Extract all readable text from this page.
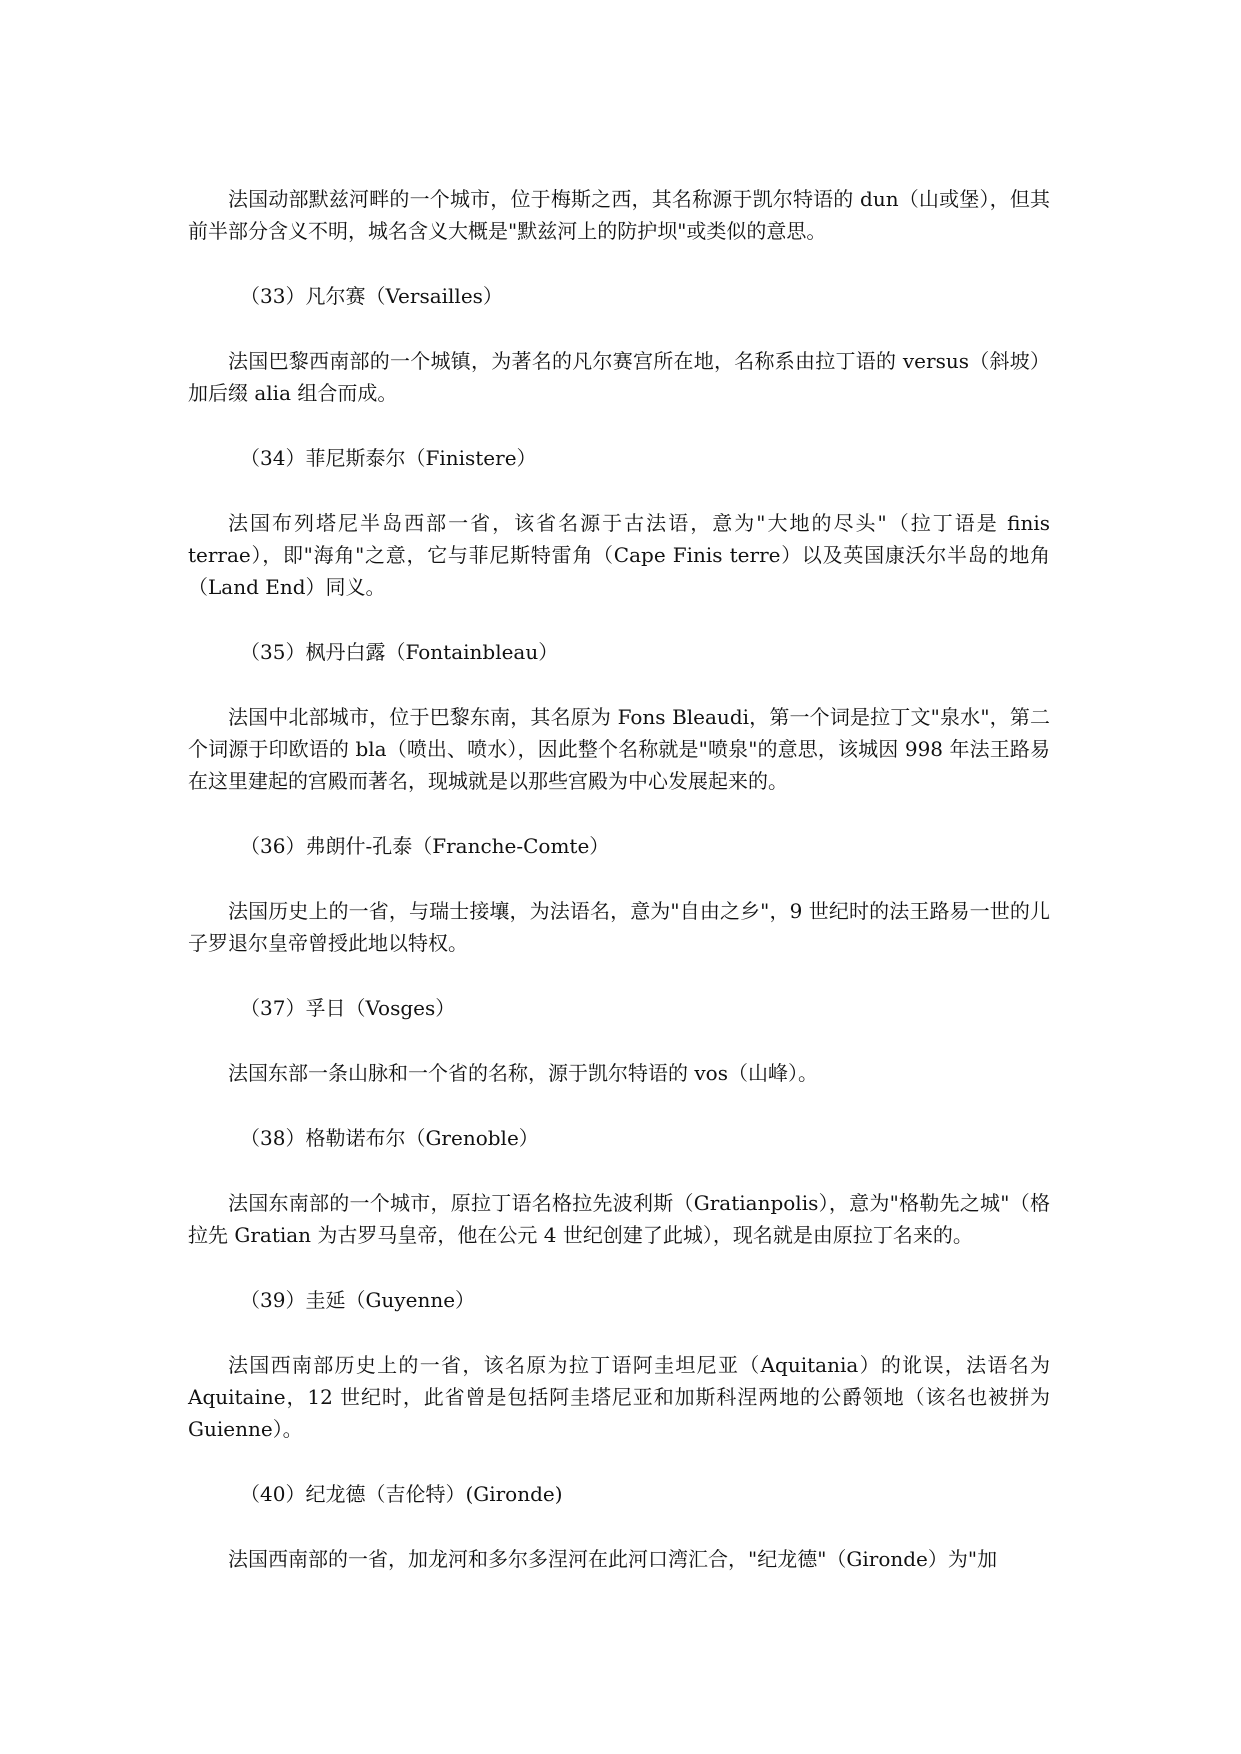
法国动部默兹河畔的一个城市，位于梅斯之西，其名称源于凯尔特语的 dun（山或堡），但其前半部分含义不明，城名含义大概是"默兹河上的防护坝"或类似的意思。

（33）凡尔赛（Versailles）

法国巴黎西南部的一个城镇，为著名的凡尔赛宫所在地，名称系由拉丁语的 versus（斜坡）加后缀 alia 组合而成。

（34）菲尼斯泰尔（Finistere）

法国布列塔尼半岛西部一省，该省名源于古法语，意为"大地的尽头"（拉丁语是 finis terrae），即"海角"之意，它与菲尼斯特雷角（Cape Finis terre）以及英国康沃尔半岛的地角（Land End）同义。

（35）枫丹白露（Fontainbleau）

法国中北部城市，位于巴黎东南，其名原为 Fons Bleaudi，第一个词是拉丁文"泉水"，第二个词源于印欧语的 bla（喷出、喷水），因此整个名称就是"喷泉"的意思，该城因 998 年法王路易在这里建起的宫殿而著名，现城就是以那些宫殿为中心发展起来的。

（36）弗朗什-孔泰（Franche-Comte）

法国历史上的一省，与瑞士接壤，为法语名，意为"自由之乡"，9 世纪时的法王路易一世的儿子罗退尔皇帝曾授此地以特权。

（37）孚日（Vosges）

法国东部一条山脉和一个省的名称，源于凯尔特语的 vos（山峰）。

（38）格勒诺布尔（Grenoble）

法国东南部的一个城市，原拉丁语名格拉先波利斯（Gratianpolis），意为"格勒先之城"（格拉先 Gratian 为古罗马皇帝，他在公元 4 世纪创建了此城），现名就是由原拉丁名来的。

（39）圭延（Guyenne）

法国西南部历史上的一省，该名原为拉丁语阿圭坦尼亚（Aquitania）的讹误，法语名为 Aquitaine，12 世纪时，此省曾是包括阿圭塔尼亚和加斯科涅两地的公爵领地（该名也被拼为 Guienne）。

（40）纪龙德（吉伦特）(Gironde)

法国西南部的一省，加龙河和多尔多涅河在此河口湾汇合，"纪龙德"（Gironde）为"加
